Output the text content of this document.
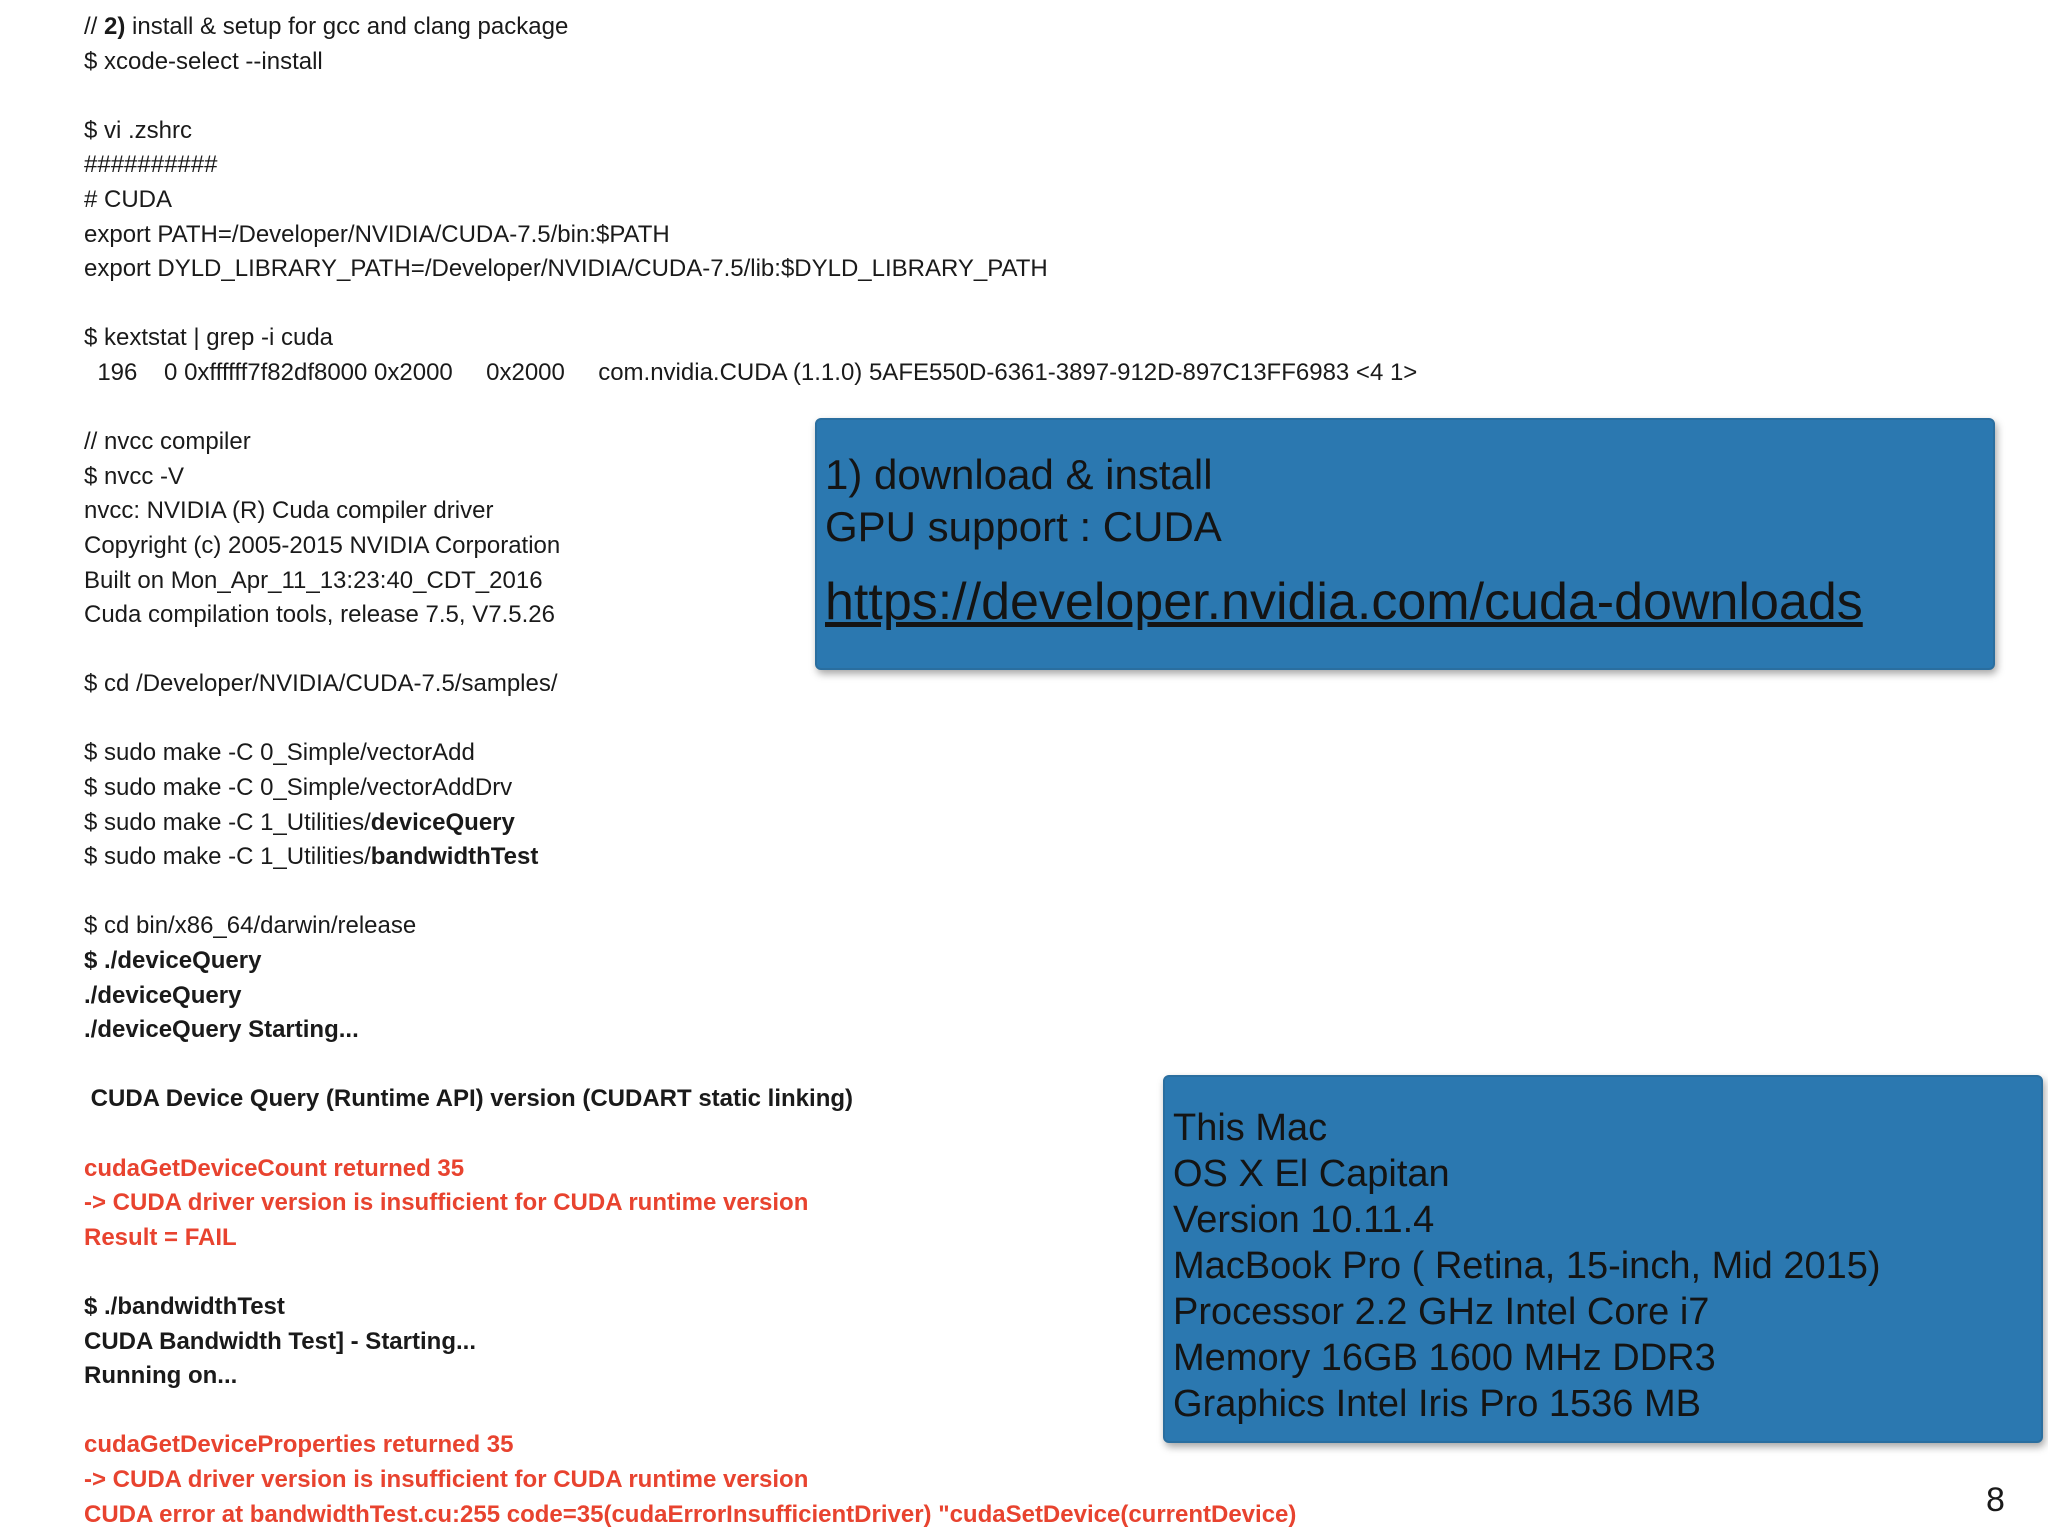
// 2) install & setup for gcc and clang package
$ xcode-select --install
$ vi .zshrc
##########
# CUDA
export PATH=/Developer/NVIDIA/CUDA-7.5/bin:$PATH
export DYLD_LIBRARY_PATH=/Developer/NVIDIA/CUDA-7.5/lib:$DYLD_LIBRARY_PATH
$ kextstat | grep -i cuda
196    0 0xffffff7f82df8000 0x2000     0x2000     com.nvidia.CUDA (1.1.0) 5AFE550D-6361-3897-912D-897C13FF6983 <4 1>
// nvcc compiler
$ nvcc -V
nvcc: NVIDIA (R) Cuda compiler driver
Copyright (c) 2005-2015 NVIDIA Corporation
Built on Mon_Apr_11_13:23:40_CDT_2016
Cuda compilation tools, release 7.5, V7.5.26
$ cd /Developer/NVIDIA/CUDA-7.5/samples/
$ sudo make -C 0_Simple/vectorAdd
$ sudo make -C 0_Simple/vectorAddDrv
$ sudo make -C 1_Utilities/deviceQuery
$ sudo make -C 1_Utilities/bandwidthTest
$ cd bin/x86_64/darwin/release
$ ./deviceQuery
./deviceQuery
./deviceQuery Starting...
CUDA Device Query (Runtime API) version (CUDART static linking)
cudaGetDeviceCount returned 35
-> CUDA driver version is insufficient for CUDA runtime version
Result = FAIL
$ ./bandwidthTest
CUDA Bandwidth Test] - Starting...
Running on...
cudaGetDeviceProperties returned 35
-> CUDA driver version is insufficient for CUDA runtime version
CUDA error at bandwidthTest.cu:255 code=35(cudaErrorInsufficientDriver) "cudaSetDevice(currentDevice)
1) download & install
GPU support : CUDA
https://developer.nvidia.com/cuda-downloads
This Mac
OS X El Capitan
Version 10.11.4
MacBook Pro ( Retina, 15-inch, Mid 2015)
Processor 2.2 GHz Intel Core i7
Memory 16GB 1600 MHz DDR3
Graphics Intel Iris Pro 1536 MB
8
